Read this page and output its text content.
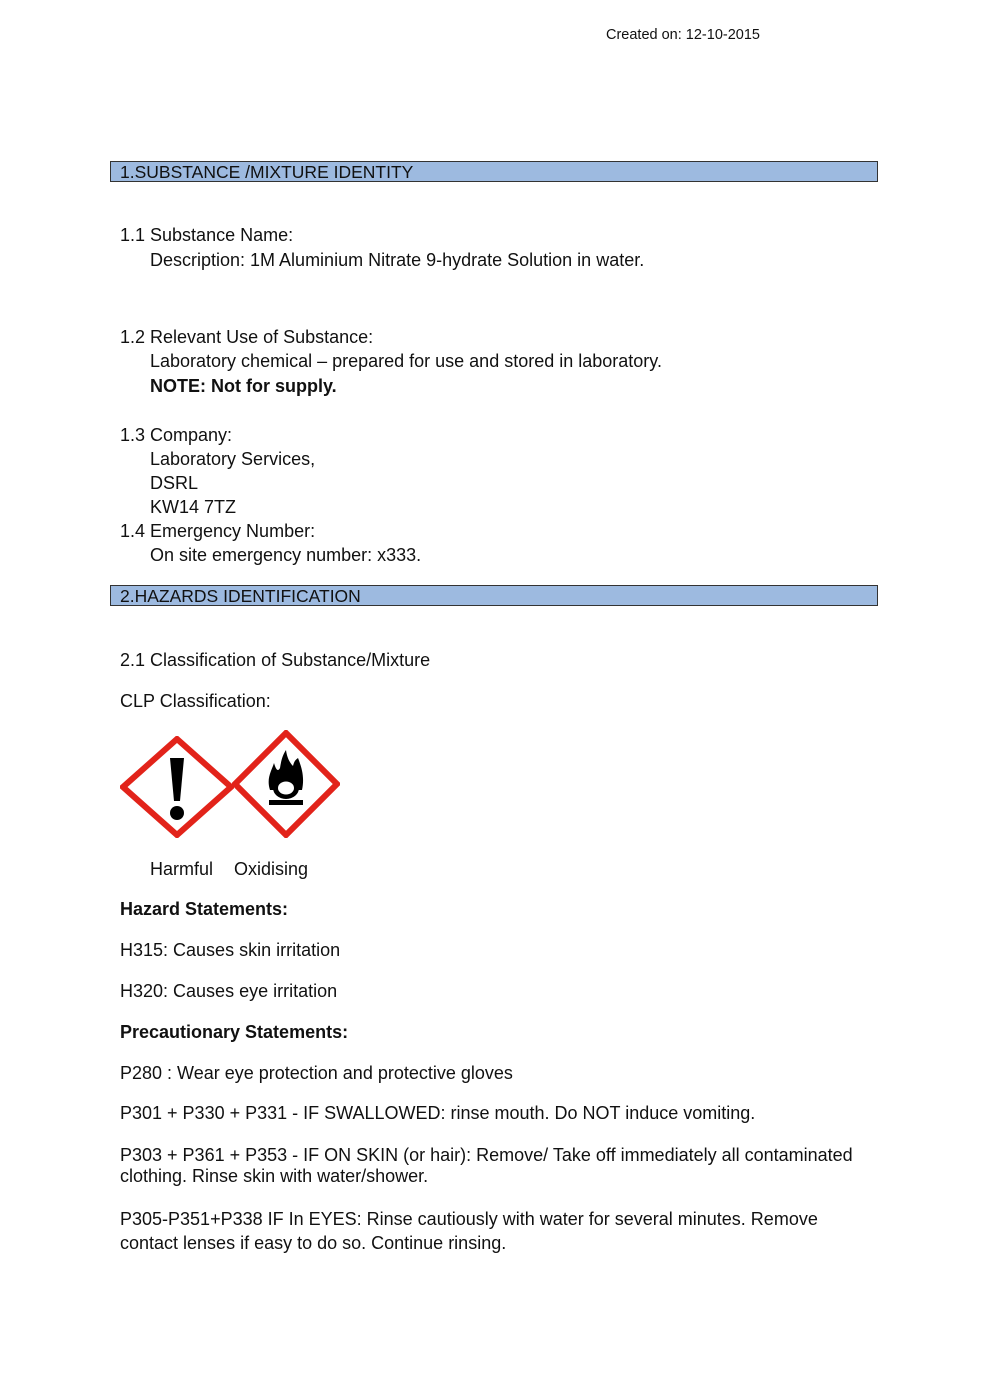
Created on: 12-10-2015
1.SUBSTANCE /MIXTURE IDENTITY
1.1 Substance Name:
Description: 1M Aluminium Nitrate 9-hydrate Solution in water.
1.2 Relevant Use of Substance:
Laboratory chemical – prepared for use and stored in laboratory.
NOTE: Not for supply.
1.3 Company:
Laboratory Services,
DSRL
KW14 7TZ
1.4 Emergency Number:
On site emergency number: x333.
2.HAZARDS IDENTIFICATION
2.1 Classification of Substance/Mixture
CLP Classification:
Harmful Oxidising
Hazard Statements:
H315: Causes skin irritation
H320: Causes eye irritation
Precautionary Statements:
P280 : Wear eye protection and protective gloves
P301 + P330 + P331 - IF SWALLOWED: rinse mouth. Do NOT induce vomiting.
P303 + P361 + P353 - IF ON SKIN (or hair): Remove/ Take off immediately all contaminated
clothing. Rinse skin with water/shower.
P305-P351+P338 IF In EYES: Rinse cautiously with water for several minutes. Remove
contact lenses if easy to do so. Continue rinsing.
